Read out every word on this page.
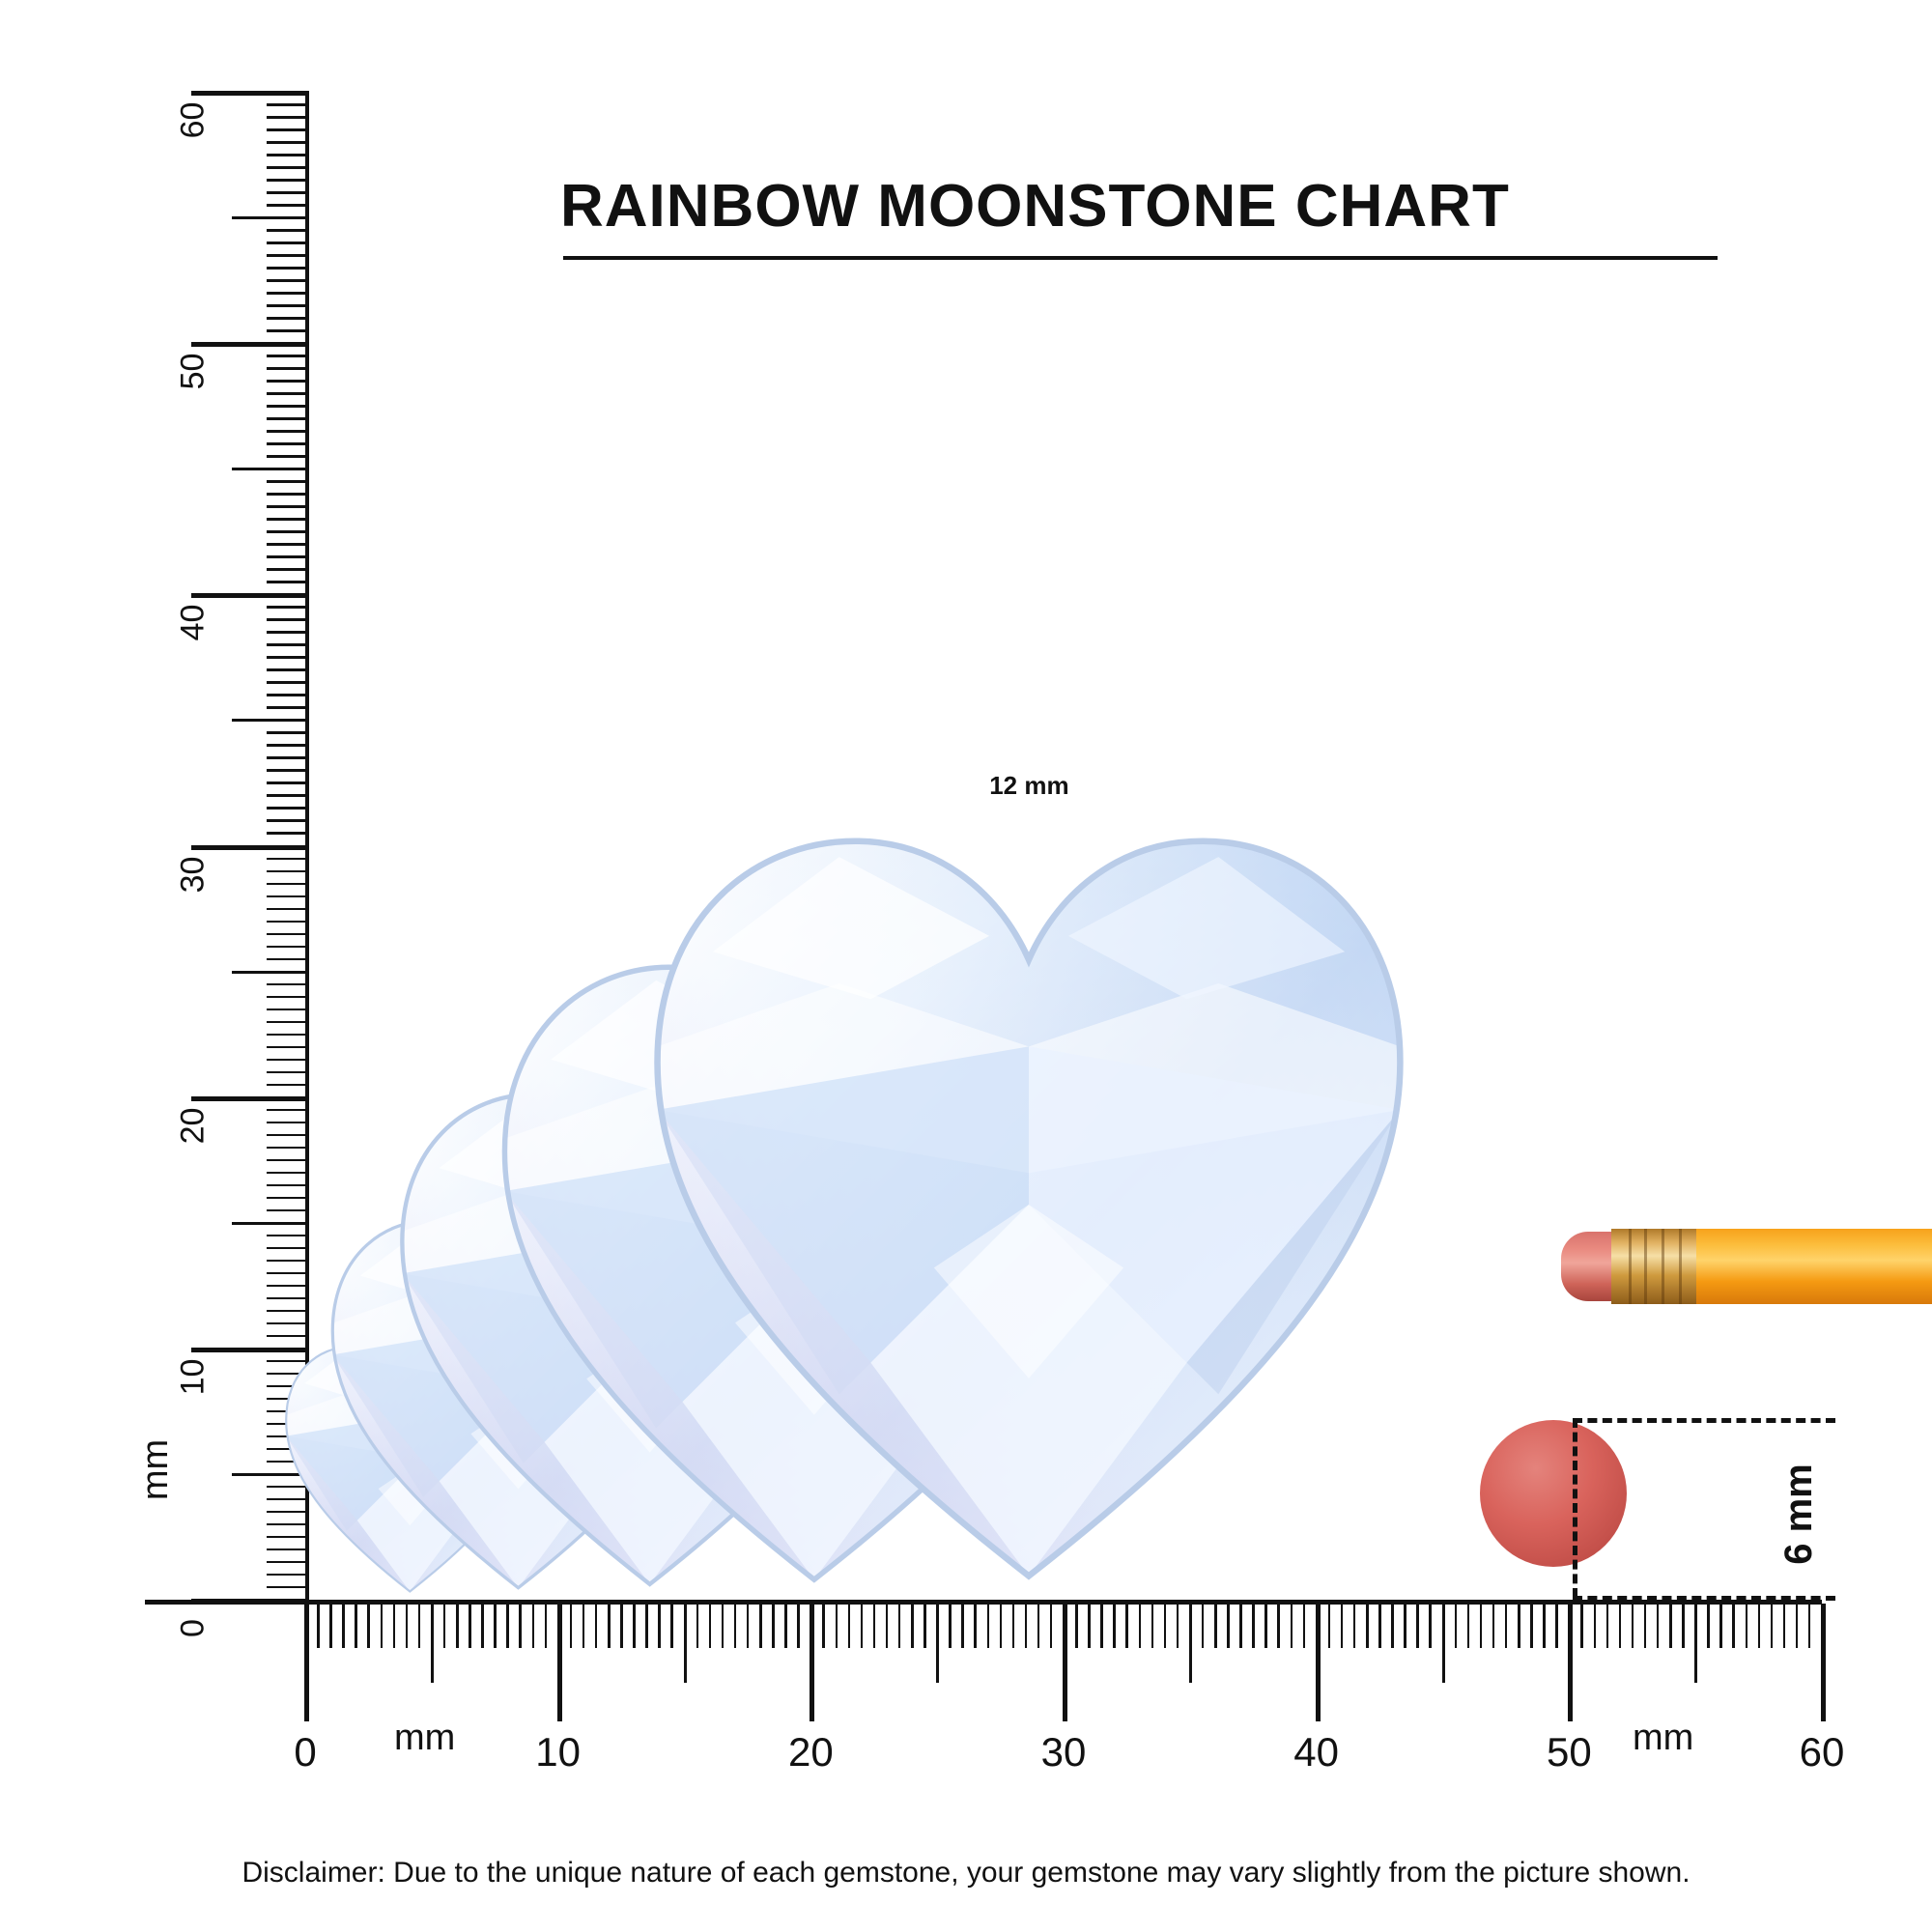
RAINBOW MOONSTONE CHART
0
10
20
30
40
50
60
mm
0	10	20	30	40	50	60
mm	mm
12 mm
6 mm
Disclaimer: Due to the unique nature of each gemstone, your gemstone may vary slightly from the picture shown.
